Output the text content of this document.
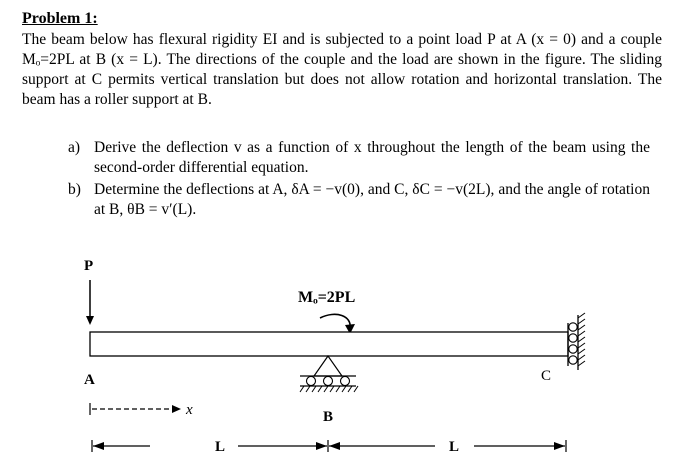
Problem 1:

The beam below has flexural rigidity EI and is subjected to a point load P at A (x = 0) and a couple Mₒ=2PL at B (x = L). The directions of the couple and the load are shown in the figure. The sliding support at C permits vertical translation but does not allow rotation and horizontal translation. The beam has a roller support at B.

a) Derive the deflection v as a function of x throughout the length of the beam using the second-order differential equation.
b) Determine the deflections at A, δA = −v(0), and C, δC = −v(2L), and the angle of rotation at B, θB = v′(L).
P
Mₒ=2PL
A
B
C
x
L	L
